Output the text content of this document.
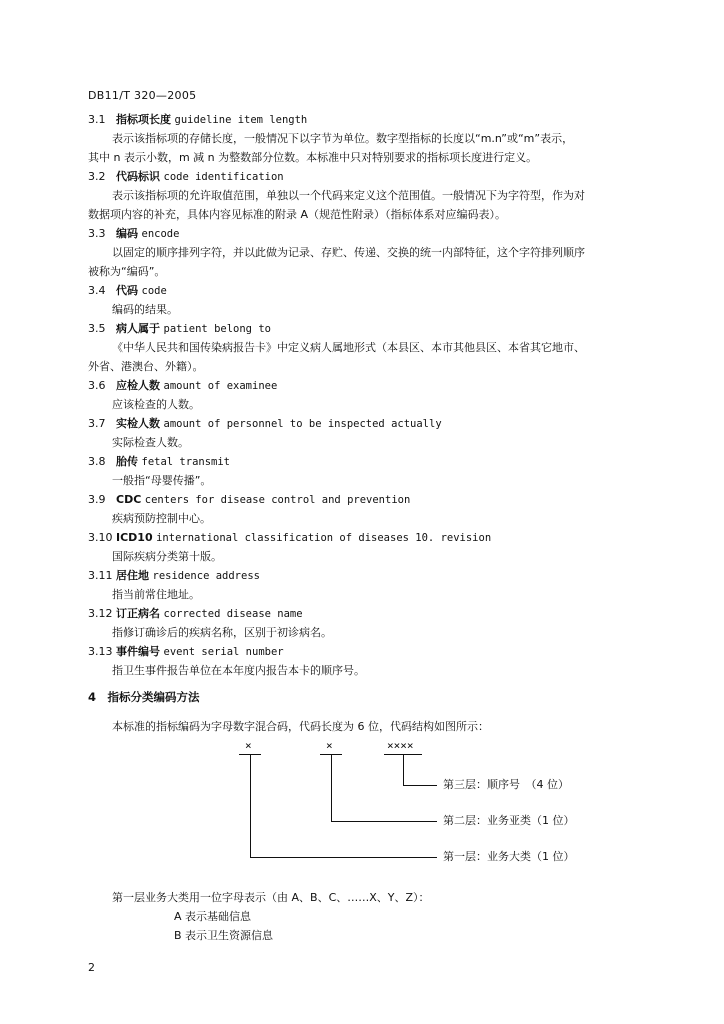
DB11/T 320—2005
3.1 指标项长度 guideline item length
表示该指标项的存储长度，一般情况下以字节为单位。数字型指标的长度以“m.n”或“m”表示，
其中 n 表示小数，m 减 n 为整数部分位数。本标准中只对特别要求的指标项长度进行定义。
3.2 代码标识 code identification
表示该指标项的允许取值范围，单独以一个代码来定义这个范围值。一般情况下为字符型，作为对
数据项内容的补充，具体内容见标准的附录 A（规范性附录）（指标体系对应编码表）。
3.3 编码 encode
以固定的顺序排列字符，并以此做为记录、存贮、传递、交换的统一内部特征，这个字符排列顺序
被称为“编码”。
3.4 代码 code
编码的结果。
3.5 病人属于 patient belong to
《中华人民共和国传染病报告卡》中定义病人属地形式（本县区、本市其他县区、本省其它地市、
外省、港澳台、外籍）。
3.6 应检人数 amount of examinee
应该检查的人数。
3.7 实检人数 amount of personnel to be inspected actually
实际检查人数。
3.8 胎传 fetal transmit
一般指“母婴传播”。
3.9 CDC centers for disease control and prevention
疾病预防控制中心。
3.10 ICD10 international classification of diseases 10. revision
国际疾病分类第十版。
3.11 居住地 residence address
指当前常住地址。
3.12 订正病名 corrected disease name
指修订确诊后的疾病名称，区别于初诊病名。
3.13 事件编号 event serial number
指卫生事件报告单位在本年度内报告本卡的顺序号。
4　指标分类编码方法
本标准的指标编码为字母数字混合码，代码长度为 6 位，代码结构如图所示：
×	×	××××
第三层：顺序号　（4 位）
第二层：业务亚类（1 位）
第一层：业务大类（1 位）
第一层业务大类用一位字母表示（由 A、B、C、……X、Y、Z）：
A 表示基础信息
B 表示卫生资源信息
2
